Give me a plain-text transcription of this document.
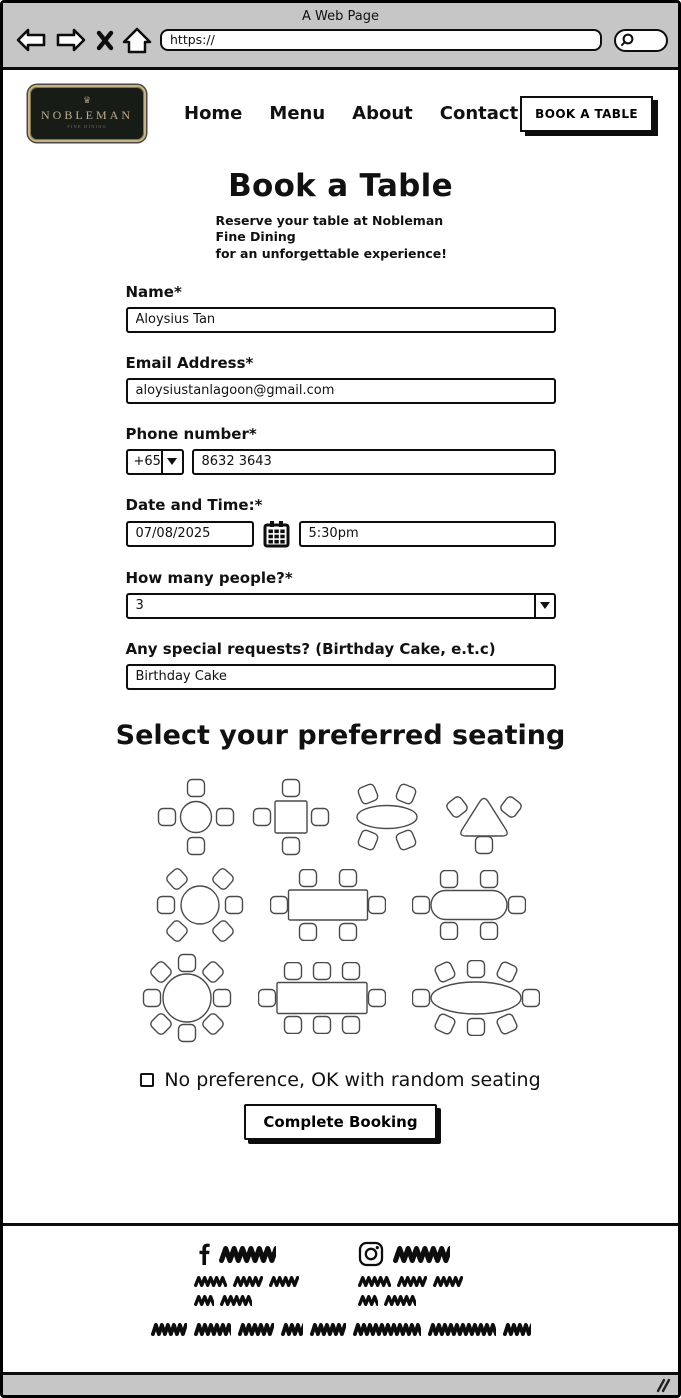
A Web Page
https://
♛
NOBLEMAN
FINE DINING
Home Menu About Contact	BOOK A TABLE
Book a Table
Reserve your table at Nobleman Fine Dining
for an unforgettable experience!
Name*
Aloysius Tan
Email Address*
aloysiustanlagoon@gmail.com
Phone number*
+65
8632 3643
Date and Time:*
07/08/2025
5:30pm
How many people?*
3
Any special requests? (Birthday Cake, e.t.c)
Birthday Cake
Select your preferred seating
No preference, OK with random seating
Complete Booking
